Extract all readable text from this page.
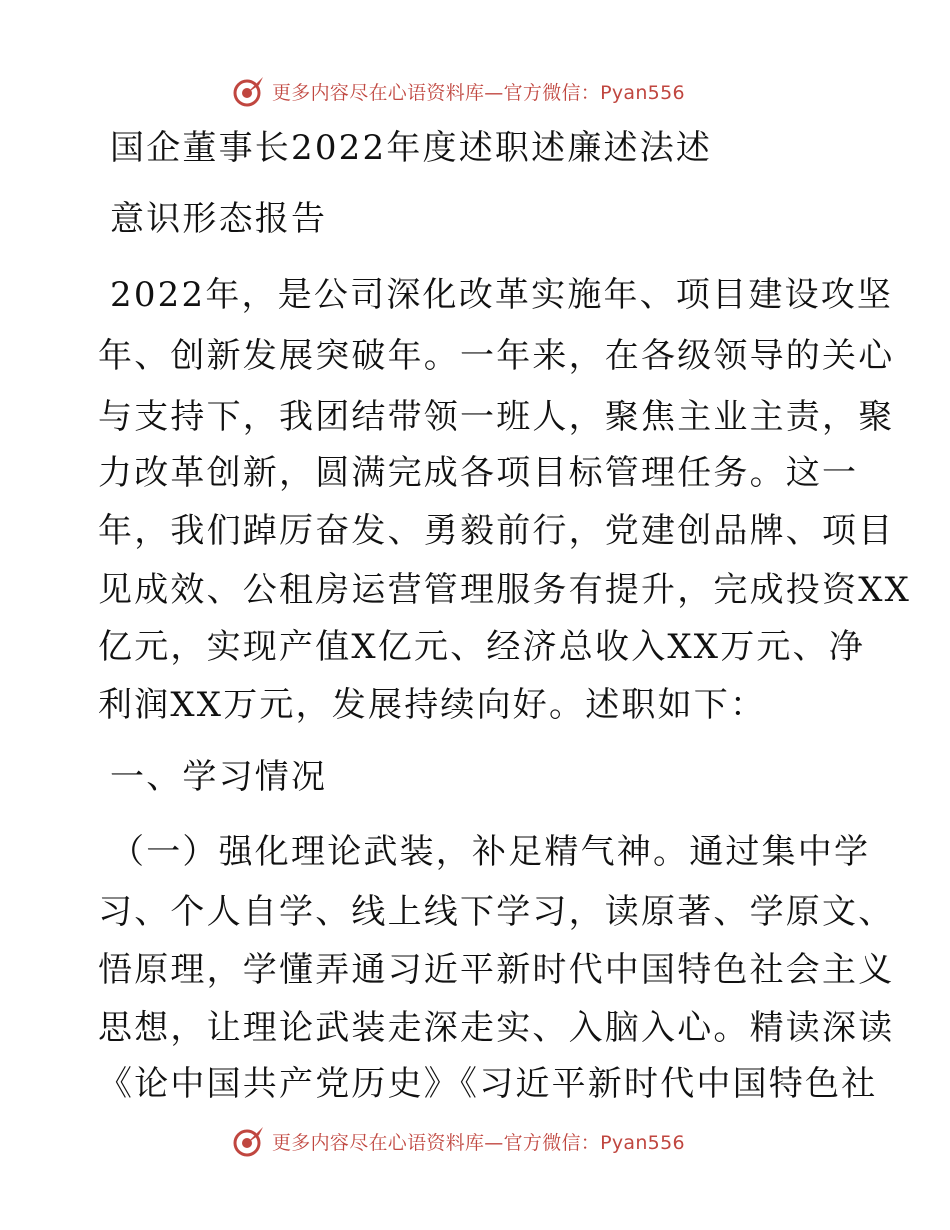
更多内容尽在心语资料库—官方微信：Pyan556

国企董事长2022年度述职述廉述法述

意识形态报告

2022年，是公司深化改革实施年、项目建设攻坚

年、创新发展突破年。一年来，在各级领导的关心

与支持下，我团结带领一班人，聚焦主业主责，聚

力改革创新，圆满完成各项目标管理任务。这一

年，我们踔厉奋发、勇毅前行，党建创品牌、项目

见成效、公租房运营管理服务有提升，完成投资XX

亿元，实现产值X亿元、经济总收入XX万元、净

利润XX万元，发展持续向好。述职如下：

一、学习情况

（一）强化理论武装，补足精气神。通过集中学

习、个人自学、线上线下学习，读原著、学原文、

悟原理，学懂弄通习近平新时代中国特色社会主义

思想，让理论武装走深走实、入脑入心。精读深读

《论中国共产党历史》《习近平新时代中国特色社

更多内容尽在心语资料库—官方微信：Pyan556
